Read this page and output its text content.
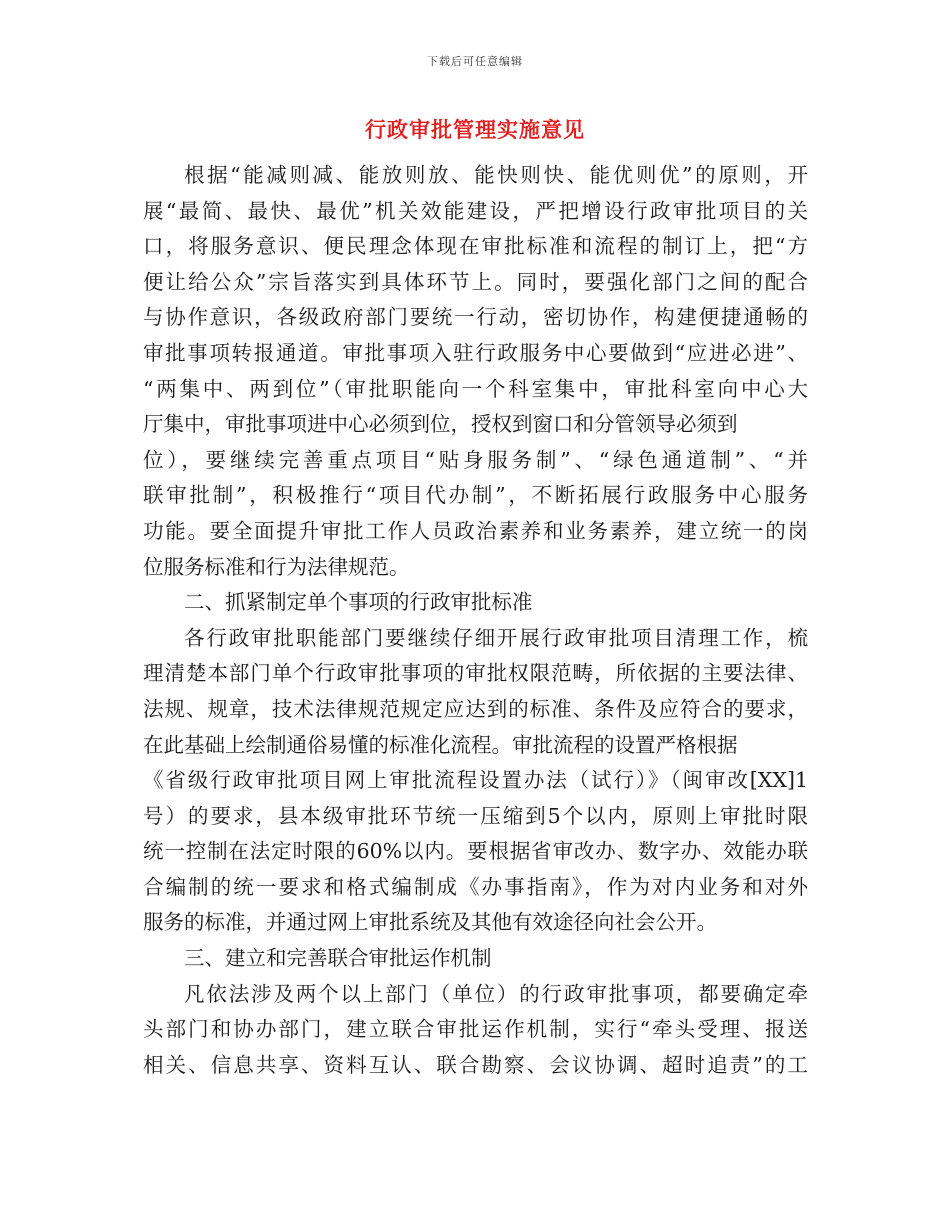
下载后可任意编辑
行政审批管理实施意见
根据“能减则减、能放则放、能快则快、能优则优”的原则，开
展“最简、最快、最优”机关效能建设，严把增设行政审批项目的关
口，将服务意识、便民理念体现在审批标准和流程的制订上，把“方
便让给公众”宗旨落实到具体环节上。同时，要强化部门之间的配合
与协作意识，各级政府部门要统一行动，密切协作，构建便捷通畅的
审批事项转报通道。审批事项入驻行政服务中心要做到“应进必进”、
“两集中、两到位”（审批职能向一个科室集中，审批科室向中心大
厅集中，审批事项进中心必须到位，授权到窗口和分管领导必须到
位），要继续完善重点项目“贴身服务制”、“绿色通道制”、“并
联审批制”，积极推行“项目代办制”，不断拓展行政服务中心服务
功能。要全面提升审批工作人员政治素养和业务素养，建立统一的岗
位服务标准和行为法律规范。
二、抓紧制定单个事项的行政审批标准
各行政审批职能部门要继续仔细开展行政审批项目清理工作，梳
理清楚本部门单个行政审批事项的审批权限范畴，所依据的主要法律、
法规、规章，技术法律规范规定应达到的标准、条件及应符合的要求，
在此基础上绘制通俗易懂的标准化流程。审批流程的设置严格根据
《省级行政审批项目网上审批流程设置办法（试行）》（闽审改[XX]1
号）的要求，县本级审批环节统一压缩到5个以内，原则上审批时限
统一控制在法定时限的60%以内。要根据省审改办、数字办、效能办联
合编制的统一要求和格式编制成《办事指南》，作为对内业务和对外
服务的标准，并通过网上审批系统及其他有效途径向社会公开。
三、建立和完善联合审批运作机制
凡依法涉及两个以上部门（单位）的行政审批事项，都要确定牵
头部门和协办部门，建立联合审批运作机制，实行“牵头受理、报送
相关、信息共享、资料互认、联合勘察、会议协调、超时追责”的工
